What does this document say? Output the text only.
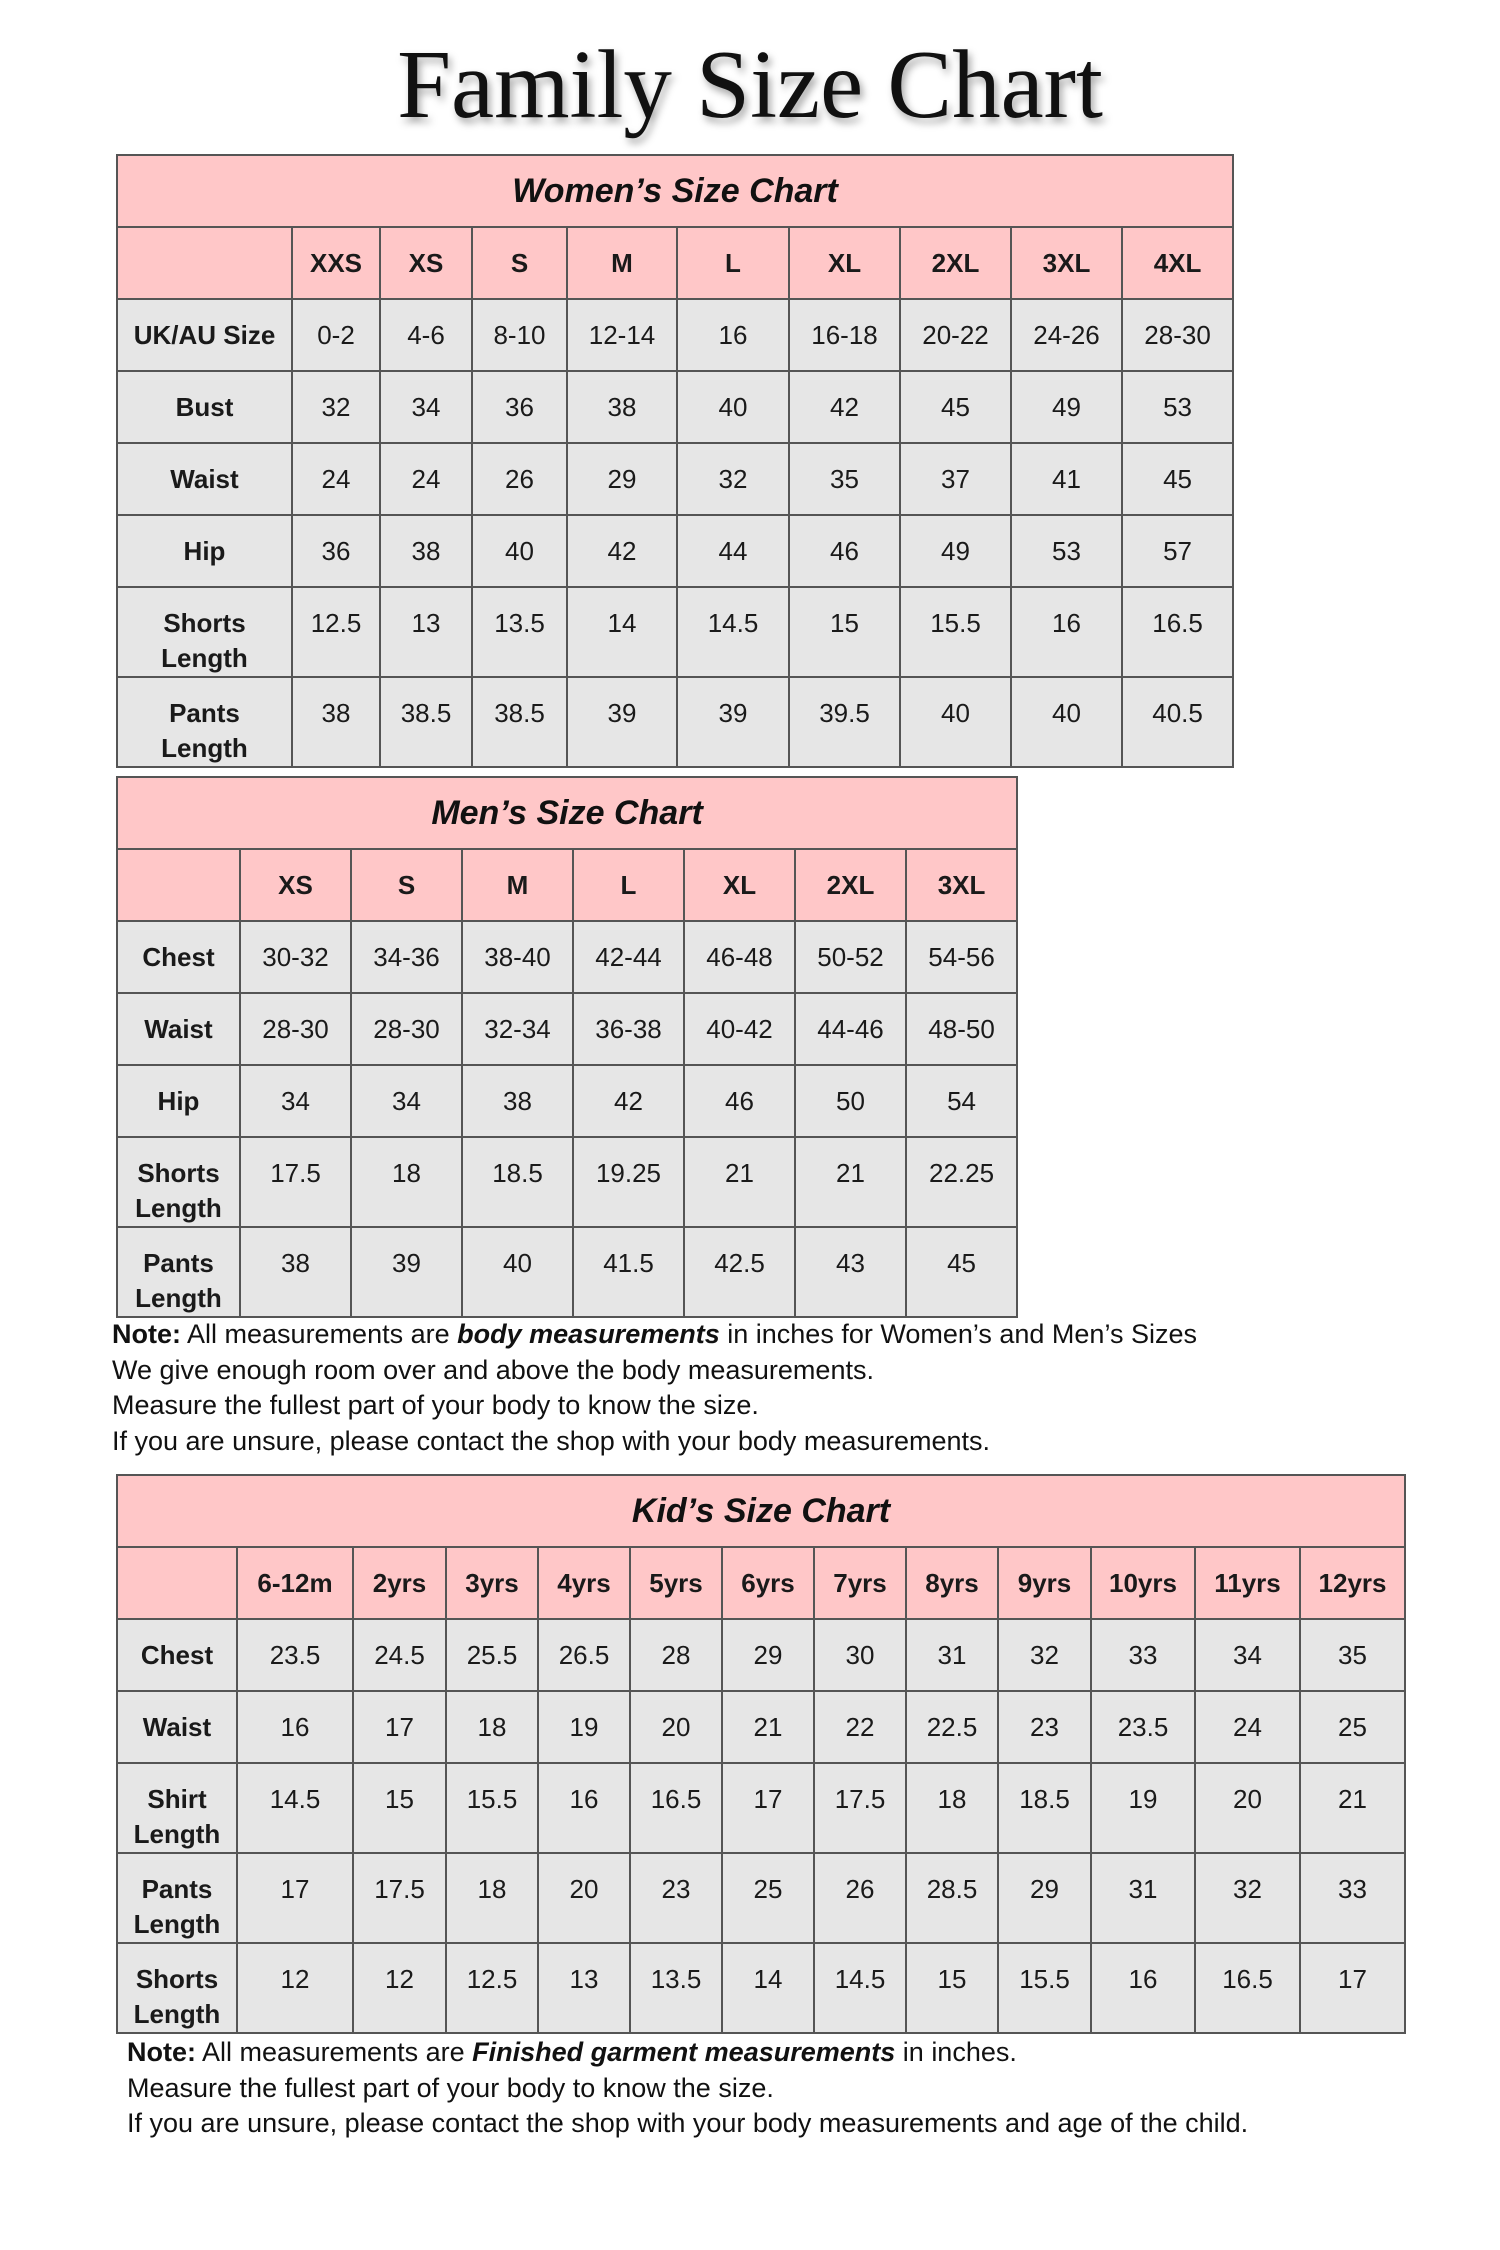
Family Size Chart
Women’s Size Chart									
	XXS	XS	S	M	L	XL	2XL	3XL	4XL

UK/AU Size	0-2	4-6	8-10	12-14	16	16-18	20-22	24-26	28-30

Bust	32	34	36	38	40	42	45	49	53

Waist	24	24	26	29	32	35	37	41	45

Hip	36	38	40	42	44	46	49	53	57

Shorts
Length	12.5	13	13.5	14	14.5	15	15.5	16	16.5

Pants
Length	38	38.5	38.5	39	39	39.5	40	40	40.5
Men’s Size Chart							
	XS	S	M	L	XL	2XL	3XL

Chest	30-32	34-36	38-40	42-44	46-48	50-52	54-56

Waist	28-30	28-30	32-34	36-38	40-42	44-46	48-50

Hip	34	34	38	42	46	50	54

Shorts
Length	17.5	18	18.5	19.25	21	21	22.25

Pants
Length	38	39	40	41.5	42.5	43	45
Note: All measurements are body measurements in inches for Women’s and Men’s Sizes
We give enough room over and above the body measurements.
Measure the fullest part of your body to know the size.
If you are unsure, please contact the shop with your body measurements.
Kid’s Size Chart												
	6-12m	2yrs	3yrs	4yrs	5yrs	6yrs	7yrs	8yrs	9yrs	10yrs	11yrs	12yrs

Chest	23.5	24.5	25.5	26.5	28	29	30	31	32	33	34	35

Waist	16	17	18	19	20	21	22	22.5	23	23.5	24	25

Shirt
Length	14.5	15	15.5	16	16.5	17	17.5	18	18.5	19	20	21

Pants
Length	17	17.5	18	20	23	25	26	28.5	29	31	32	33

Shorts
Length	12	12	12.5	13	13.5	14	14.5	15	15.5	16	16.5	17
Note: All measurements are Finished garment measurements in inches.
Measure the fullest part of your body to know the size.
If you are unsure, please contact the shop with your body measurements and age of the child.
